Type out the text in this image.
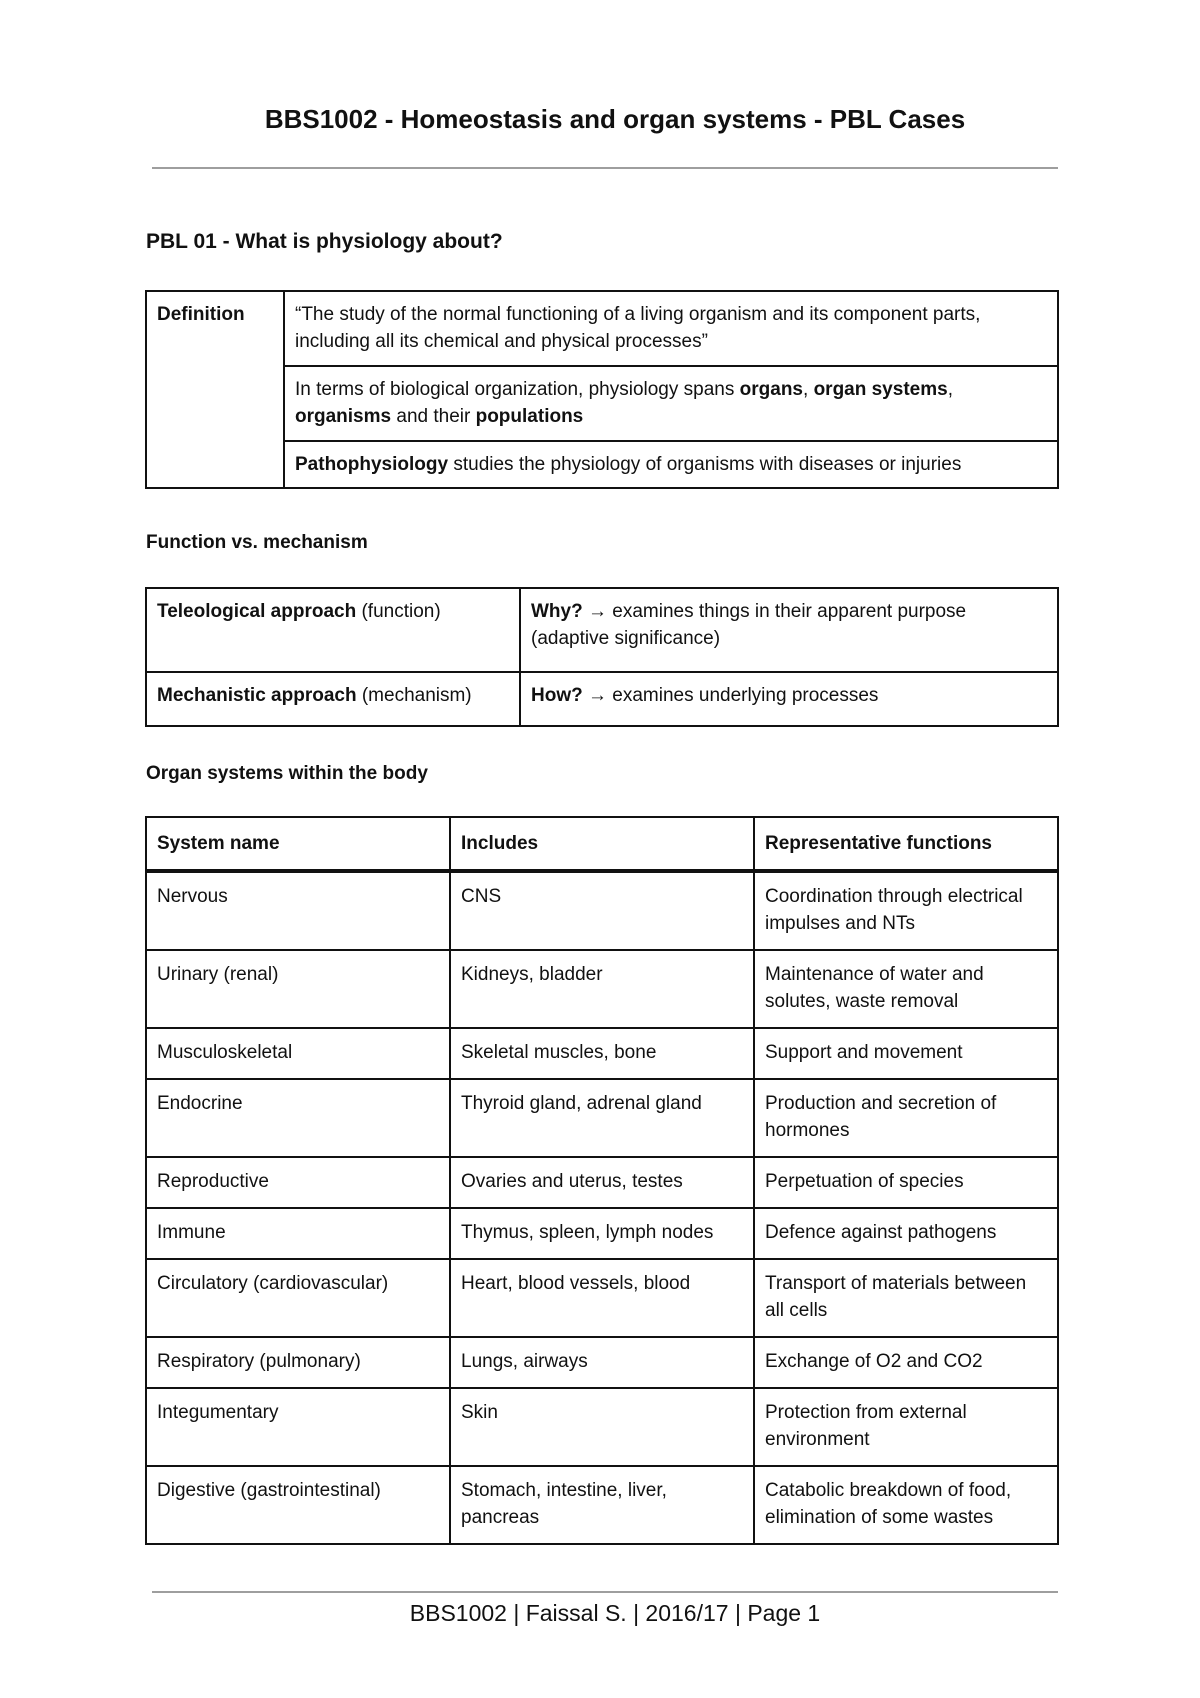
BBS1002 - Homeostasis and organ systems - PBL Cases
PBL 01 - What is physiology about?
Definition	“The study of the normal functioning of a living organism and its component parts, including all its chemical and physical processes”
In terms of biological organization, physiology spans organs, organ systems, organisms and their populations
Pathophysiology studies the physiology of organisms with diseases or injuries
Function vs. mechanism
Teleological approach (function)	Why? → examines things in their apparent purpose (adaptive significance)
Mechanistic approach (mechanism)	How? → examines underlying processes
Organ systems within the body
System name	Includes	Representative functions
Nervous	CNS	Coordination through electrical impulses and NTs
Urinary (renal)	Kidneys, bladder	Maintenance of water and solutes, waste removal
Musculoskeletal	Skeletal muscles, bone	Support and movement
Endocrine	Thyroid gland, adrenal gland	Production and secretion of hormones
Reproductive	Ovaries and uterus, testes	Perpetuation of species
Immune	Thymus, spleen, lymph nodes	Defence against pathogens
Circulatory (cardiovascular)	Heart, blood vessels, blood	Transport of materials between all cells
Respiratory (pulmonary)	Lungs, airways	Exchange of O2 and CO2
Integumentary	Skin	Protection from external environment
Digestive (gastrointestinal)	Stomach, intestine, liver, pancreas	Catabolic breakdown of food, elimination of some wastes
BBS1002 | Faissal S. | 2016/17 | Page 1
